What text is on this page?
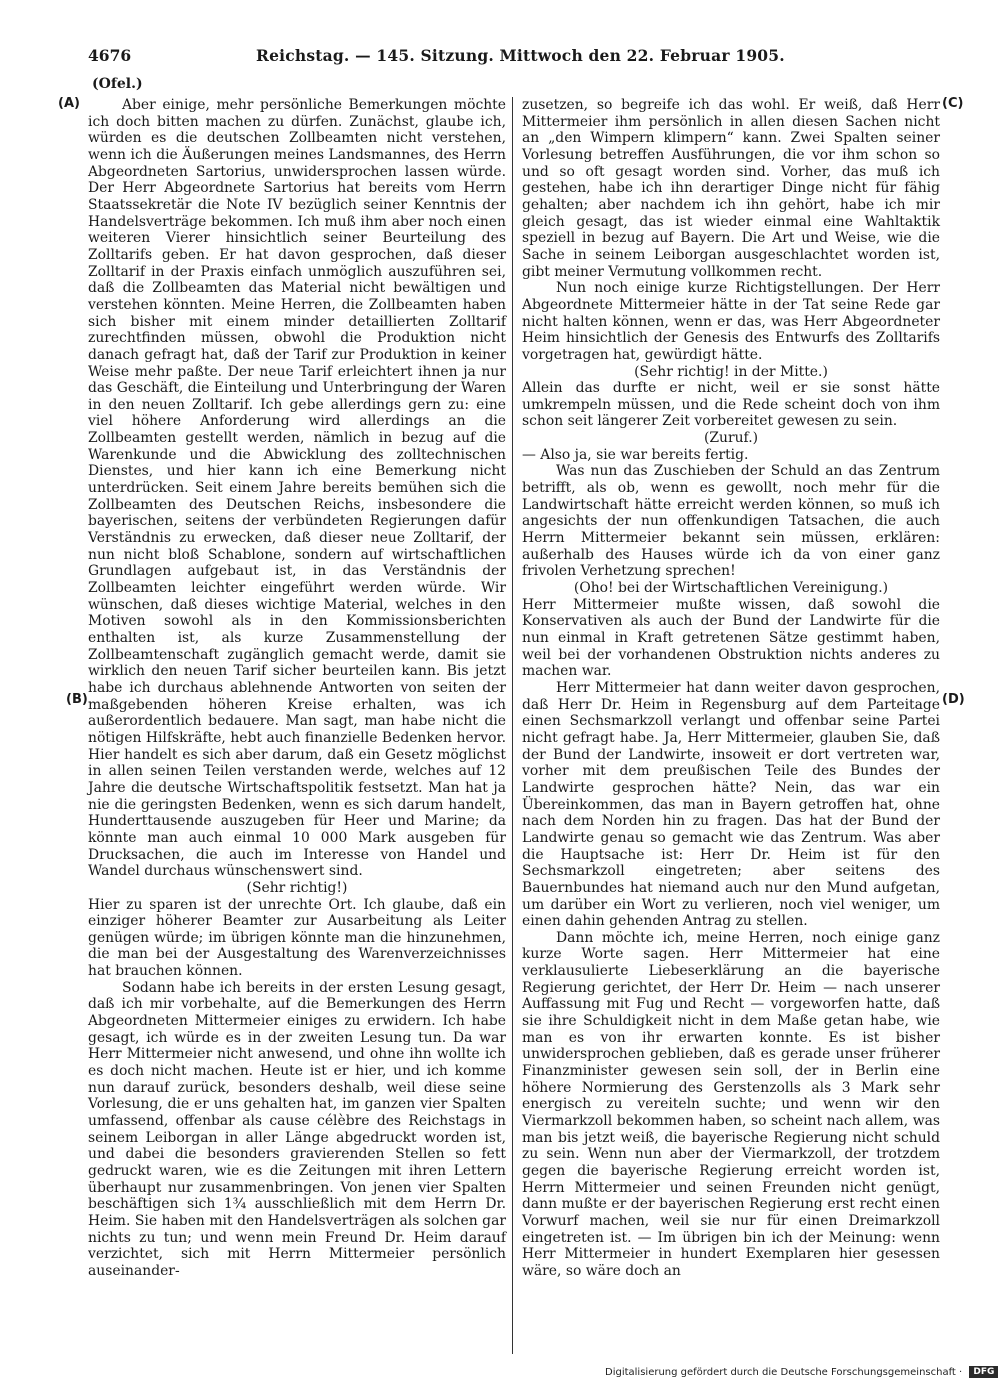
4676	Reichstag. — 145. Sitzung. Mittwoch den 22. Februar 1905.
(Ofel.)
(A)
(B)
(C)
(D)

Aber einige, mehr persönliche Bemerkungen möchte ich doch bitten machen zu dürfen. Zunächst, glaube ich, würden es die deutschen Zollbeamten nicht verstehen, wenn ich die Äußerungen meines Landsmannes, des Herrn Abgeordneten Sartorius, unwidersprochen lassen würde. Der Herr Abgeordnete Sartorius hat bereits vom Herrn Staatssekretär die Note IV bezüglich seiner Kenntnis der Handelsverträge bekommen. Ich muß ihm aber noch einen weiteren Vierer hinsichtlich seiner Beurteilung des Zolltarifs geben. Er hat davon gesprochen, daß dieser Zolltarif in der Praxis einfach unmöglich auszuführen sei, daß die Zollbeamten das Material nicht bewältigen und verstehen könnten. Meine Herren, die Zollbeamten haben sich bisher mit einem minder detaillierten Zolltarif zurechtfinden müssen, obwohl die Produktion nicht danach gefragt hat, daß der Tarif zur Produktion in keiner Weise mehr paßte. Der neue Tarif erleichtert ihnen ja nur das Geschäft, die Einteilung und Unterbringung der Waren in den neuen Zolltarif. Ich gebe allerdings gern zu: eine viel höhere Anforderung wird allerdings an die Zollbeamten gestellt werden, nämlich in bezug auf die Warenkunde und die Abwicklung des zolltechnischen Dienstes, und hier kann ich eine Bemerkung nicht unterdrücken. Seit einem Jahre bereits bemühen sich die Zollbeamten des Deutschen Reichs, insbesondere die bayerischen, seitens der verbündeten Regierungen dafür Verständnis zu erwecken, daß dieser neue Zolltarif, der nun nicht bloß Schablone, sondern auf wirtschaftlichen Grundlagen aufgebaut ist, in das Verständnis der Zollbeamten leichter eingeführt werden würde. Wir wünschen, daß dieses wichtige Material, welches in den Motiven sowohl als in den Kommissionsberichten enthalten ist, als kurze Zusammenstellung der Zollbeamtenschaft zugänglich gemacht werde, damit sie wirklich den neuen Tarif sicher beurteilen kann. Bis jetzt habe ich durchaus ablehnende Antworten von seiten der maßgebenden höheren Kreise erhalten, was ich außerordentlich bedauere. Man sagt, man habe nicht die nötigen Hilfskräfte, hebt auch finanzielle Bedenken hervor. Hier handelt es sich aber darum, daß ein Gesetz möglichst in allen seinen Teilen verstanden werde, welches auf 12 Jahre die deutsche Wirtschaftspolitik festsetzt. Man hat ja nie die geringsten Bedenken, wenn es sich darum handelt, Hunderttausende auszugeben für Heer und Marine; da könnte man auch einmal 10 000 Mark ausgeben für Drucksachen, die auch im Interesse von Handel und Wandel durchaus wünschenswert sind.

(Sehr richtig!)

Hier zu sparen ist der unrechte Ort. Ich glaube, daß ein einziger höherer Beamter zur Ausarbeitung als Leiter genügen würde; im übrigen könnte man die hinzunehmen, die man bei der Ausgestaltung des Warenverzeichnisses hat brauchen können.

Sodann habe ich bereits in der ersten Lesung gesagt, daß ich mir vorbehalte, auf die Bemerkungen des Herrn Abgeordneten Mittermeier einiges zu erwidern. Ich habe gesagt, ich würde es in der zweiten Lesung tun. Da war Herr Mittermeier nicht anwesend, und ohne ihn wollte ich es doch nicht machen. Heute ist er hier, und ich komme nun darauf zurück, besonders deshalb, weil diese seine Vorlesung, die er uns gehalten hat, im ganzen vier Spalten umfassend, offenbar als cause célèbre des Reichstags in seinem Leiborgan in aller Länge abgedruckt worden ist, und dabei die besonders gravierenden Stellen so fett gedruckt waren, wie es die Zeitungen mit ihren Lettern überhaupt nur zusammenbringen. Von jenen vier Spalten beschäftigen sich 1¾ ausschließlich mit dem Herrn Dr. Heim. Sie haben mit den Handelsverträgen als solchen gar nichts zu tun; und wenn mein Freund Dr. Heim darauf verzichtet, sich mit Herrn Mittermeier persönlich auseinander-

zusetzen, so begreife ich das wohl. Er weiß, daß Herr Mittermeier ihm persönlich in allen diesen Sachen nicht an „den Wimpern klimpern“ kann. Zwei Spalten seiner Vorlesung betreffen Ausführungen, die vor ihm schon so und so oft gesagt worden sind. Vorher, das muß ich gestehen, habe ich ihn derartiger Dinge nicht für fähig gehalten; aber nachdem ich ihn gehört, habe ich mir gleich gesagt, das ist wieder einmal eine Wahltaktik speziell in bezug auf Bayern. Die Art und Weise, wie die Sache in seinem Leiborgan ausgeschlachtet worden ist, gibt meiner Vermutung vollkommen recht.

Nun noch einige kurze Richtigstellungen. Der Herr Abgeordnete Mittermeier hätte in der Tat seine Rede gar nicht halten können, wenn er das, was Herr Abgeordneter Heim hinsichtlich der Genesis des Entwurfs des Zolltarifs vorgetragen hat, gewürdigt hätte.

(Sehr richtig! in der Mitte.)

Allein das durfte er nicht, weil er sie sonst hätte umkrempeln müssen, und die Rede scheint doch von ihm schon seit längerer Zeit vorbereitet gewesen zu sein.

(Zuruf.)

— Also ja, sie war bereits fertig.

Was nun das Zuschieben der Schuld an das Zentrum betrifft, als ob, wenn es gewollt, noch mehr für die Landwirtschaft hätte erreicht werden können, so muß ich angesichts der nun offenkundigen Tatsachen, die auch Herrn Mittermeier bekannt sein müssen, erklären: außerhalb des Hauses würde ich da von einer ganz frivolen Verhetzung sprechen!

(Oho! bei der Wirtschaftlichen Vereinigung.)

Herr Mittermeier mußte wissen, daß sowohl die Konservativen als auch der Bund der Landwirte für die nun einmal in Kraft getretenen Sätze gestimmt haben, weil bei der vorhandenen Obstruktion nichts anderes zu machen war.

Herr Mittermeier hat dann weiter davon gesprochen, daß Herr Dr. Heim in Regensburg auf dem Parteitage einen Sechsmarkzoll verlangt und offenbar seine Partei nicht gefragt habe. Ja, Herr Mittermeier, glauben Sie, daß der Bund der Landwirte, insoweit er dort vertreten war, vorher mit dem preußischen Teile des Bundes der Landwirte gesprochen hätte? Nein, das war ein Übereinkommen, das man in Bayern getroffen hat, ohne nach dem Norden hin zu fragen. Das hat der Bund der Landwirte genau so gemacht wie das Zentrum. Was aber die Hauptsache ist: Herr Dr. Heim ist für den Sechsmarkzoll eingetreten; aber seitens des Bauernbundes hat niemand auch nur den Mund aufgetan, um darüber ein Wort zu verlieren, noch viel weniger, um einen dahin gehenden Antrag zu stellen.

Dann möchte ich, meine Herren, noch einige ganz kurze Worte sagen. Herr Mittermeier hat eine verklausulierte Liebeserklärung an die bayerische Regierung gerichtet, der Herr Dr. Heim — nach unserer Auffassung mit Fug und Recht — vorgeworfen hatte, daß sie ihre Schuldigkeit nicht in dem Maße getan habe, wie man es von ihr erwarten konnte. Es ist bisher unwidersprochen geblieben, daß es gerade unser früherer Finanzminister gewesen sein soll, der in Berlin eine höhere Normierung des Gerstenzolls als 3 Mark sehr energisch zu vereiteln suchte; und wenn wir den Viermarkzoll bekommen haben, so scheint nach allem, was man bis jetzt weiß, die bayerische Regierung nicht schuld zu sein. Wenn nun aber der Viermarkzoll, der trotzdem gegen die bayerische Regierung erreicht worden ist, Herrn Mittermeier und seinen Freunden nicht genügt, dann mußte er der bayerischen Regierung erst recht einen Vorwurf machen, weil sie nur für einen Dreimarkzoll eingetreten ist. — Im übrigen bin ich der Meinung: wenn Herr Mittermeier in hundert Exemplaren hier gesessen wäre, so wäre doch an

Digitalisierung gefördert durch die Deutsche Forschungsgemeinschaft · DFG
